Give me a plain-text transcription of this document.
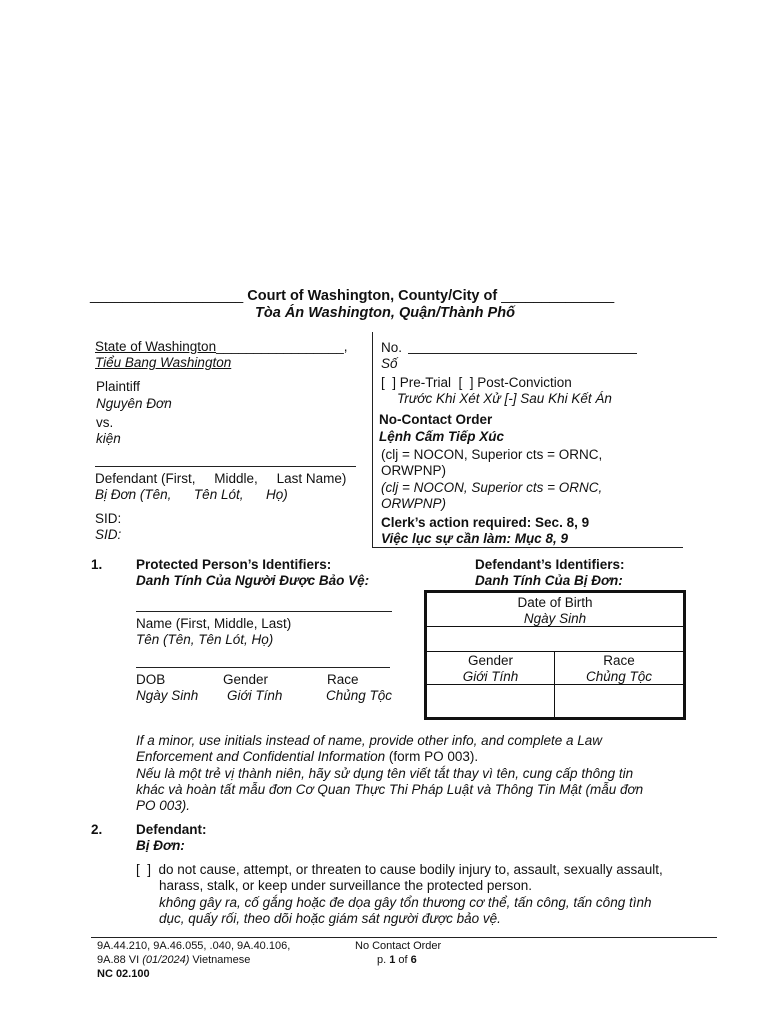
___________________ Court of Washington, County/City of ______________
Tòa Án Washington, Quận/Thành Phố
State of Washington_________________,
Tiểu Bang Washington
Plaintiff
Nguyên Đơn
vs.
kiện
Defendant (First,     Middle,     Last Name)
Bị Đơn (Tên,      Tên Lót,      Họ)
SID:
SID:
No.
Số
[  ] Pre-Trial  [  ] Post-Conviction
Trước Khi Xét Xử [-] Sau Khi Kết Án
No-Contact Order
Lệnh Cấm Tiếp Xúc
(clj = NOCON, Superior cts = ORNC,
ORWPNP)
(clj = NOCON, Superior cts = ORNC,
ORWPNP)
Clerk’s action required: Sec. 8, 9
Việc lục sự cần làm: Mục 8, 9
1. Protected Person’s Identifiers:
Danh Tính Của Người Được Bảo Vệ:
Name (First, Middle, Last)
Tên (Tên, Tên Lót, Họ)
DOB
Ngày Sinh
Gender
Giới Tính
Race
Chủng Tộc
Defendant’s Identifiers:
Danh Tính Của Bị Đơn:
Date of Birth
Ngày Sinh
Gender
Giới Tính
Race
Chủng Tộc
If a minor, use initials instead of name, provide other info, and complete a Law
Enforcement and Confidential Information (form PO 003).
Nếu là một trẻ vị thành niên, hãy sử dụng tên viết tắt thay vì tên, cung cấp thông tin
khác và hoàn tất mẫu đơn Cơ Quan Thực Thi Pháp Luật và Thông Tin Mật (mẫu đơn
PO 003).
2. Defendant:
Bị Đơn:
[  ]  do not cause, attempt, or threaten to cause bodily injury to, assault, sexually assault,
harass, stalk, or keep under surveillance the protected person.
không gây ra, cố gắng hoặc đe dọa gây tổn thương cơ thể, tấn công, tấn công tình
dục, quấy rối, theo dõi hoặc giám sát người được bảo vệ.
9A.44.210, 9A.46.055, .040, 9A.40.106,
9A.88 VI (01/2024) Vietnamese
NC 02.100
No Contact Order
p. 1 of 6
